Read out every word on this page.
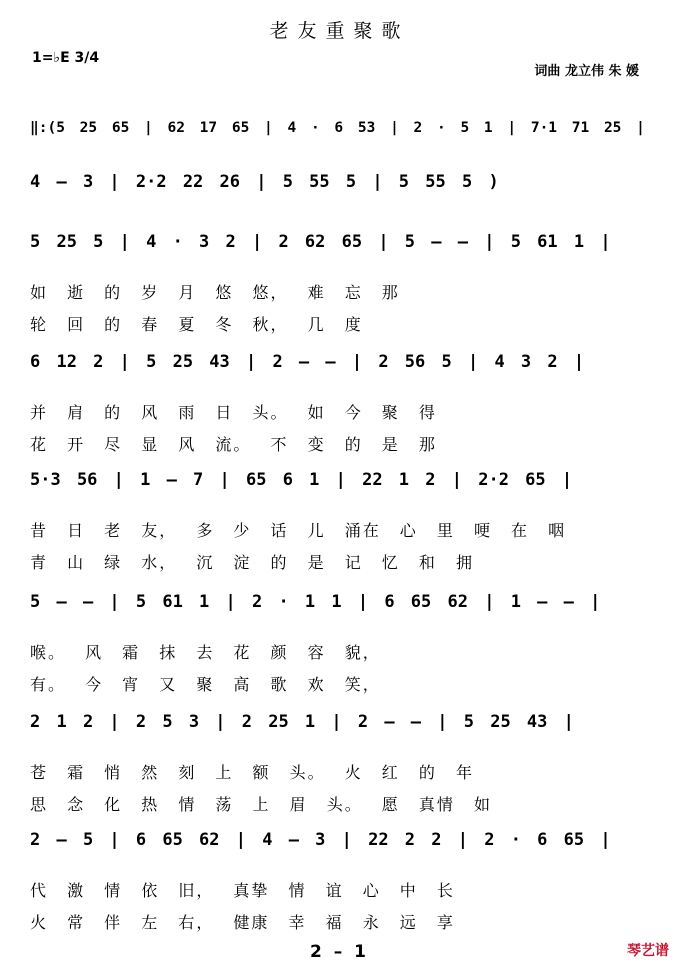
老友重聚歌
1=♭E 3/4
词曲 龙立伟 朱 媛
‖:(5 25 65 | 62 17 65 | 4 · 6 53 | 2 · 5 1 | 7·1 71 25 |
4 – 3 | 2·2 22 26 | 5 55 5 | 5 55 5 )
5 25 5 | 4 · 3 2 | 2 62 65 | 5 – – | 5 61 1 |
如 逝 的 岁 月 悠 悠， 难 忘 那
轮 回 的 春 夏 冬 秋， 几 度
6 12 2 | 5 25 43 | 2 – – | 2 56 5 | 4 3 2 |
并 肩 的 风 雨 日 头。 如 今 聚 得
花 开 尽 显 风 流。 不 变 的 是 那
5·3 56 | 1 – 7 | 65 6 1 | 22 1 2 | 2·2 65 |
昔 日 老 友， 多 少 话 儿 涌在 心 里 哽 在 咽
青 山 绿 水， 沉 淀 的 是 记 忆 和 拥
5 – – | 5 61 1 | 2 · 1 1 | 6 65 62 | 1 – – |
喉。 风 霜 抹 去 花 颜 容 貌，
有。 今 宵 又 聚 高 歌 欢 笑，
2 1 2 | 2 5 3 | 2 25 1 | 2 – – | 5 25 43 |
苍 霜 悄 然 刻 上 额 头。 火 红 的 年
思 念 化 热 情 荡 上 眉 头。 愿 真情 如
2 – 5 | 6 65 62 | 4 – 3 | 22 2 2 | 2 · 6 65 |
代 激 情 依 旧， 真挚 情 谊 心 中 长
火 常 伴 左 右， 健康 幸 福 永 远 享
2 – 1	琴艺谱
